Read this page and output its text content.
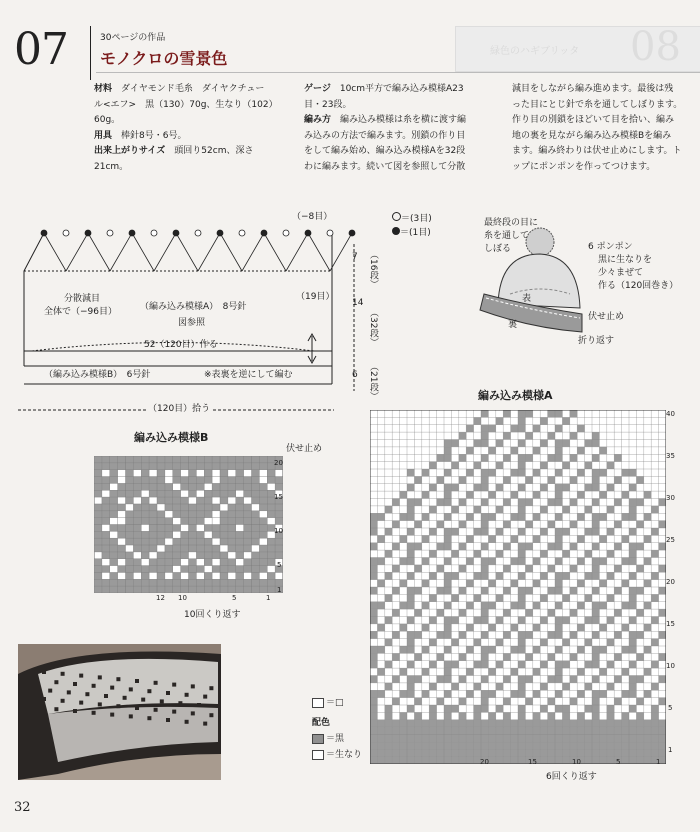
07	30ページの作品
モノクロの雪景色	緑色のハギブリッタ 08
材料　 ダイヤモンド毛糸　ダイヤクチュー
ル<エフ>　黒（130）70g、生なり（102）
60g。
用具　 棒針8号・6号。
出来上がりサイズ　 頭回り52cm、深さ
21cm。
ゲージ　 10cm平方で編み込み模様A23
目・23段。
編み方　 編み込み模様は糸を横に渡す編
み込みの方法で編みます。別鎖の作り目
をして編み始め、編み込み模様Aを32段
わに編みます。続いて図を参照して分散
減目をしながら編み進めます。最後は残
った目にとじ針で糸を通してしぼります。
作り目の別鎖をほどいて目を拾い、編み
地の裏を見ながら編み込み模様Bを編み
ます。編み終わりは伏せ止めにします。ト
ップにポンポンを作ってつけます。
（−8目）	＝(3目)
＝(1目)
分散減目
全体で（−96目）
（19目）
（編み込み模様A）　8号針
図参照
52（120目）作る
（編み込み模様B）　6号針	※表裏を逆にして編む
（120目）拾う
7	（16段）
14
（32段）
6	（21段）
最終段の目に
糸を通して
しぼる	6 ポンポン
黒に生なりを
少々まぜて
作る（120回巻き）
表
裏
伏せ止め
折り返す
編み込み模様B
伏せ止め
20
15
10
5
1
12 10	5	1
10回くり返す
編み込み模様A
40
35
30
25
20
15
10
5
1
20	15	10	5	1
6回くり返す
＝□
配色
＝黒
＝生なり
32
